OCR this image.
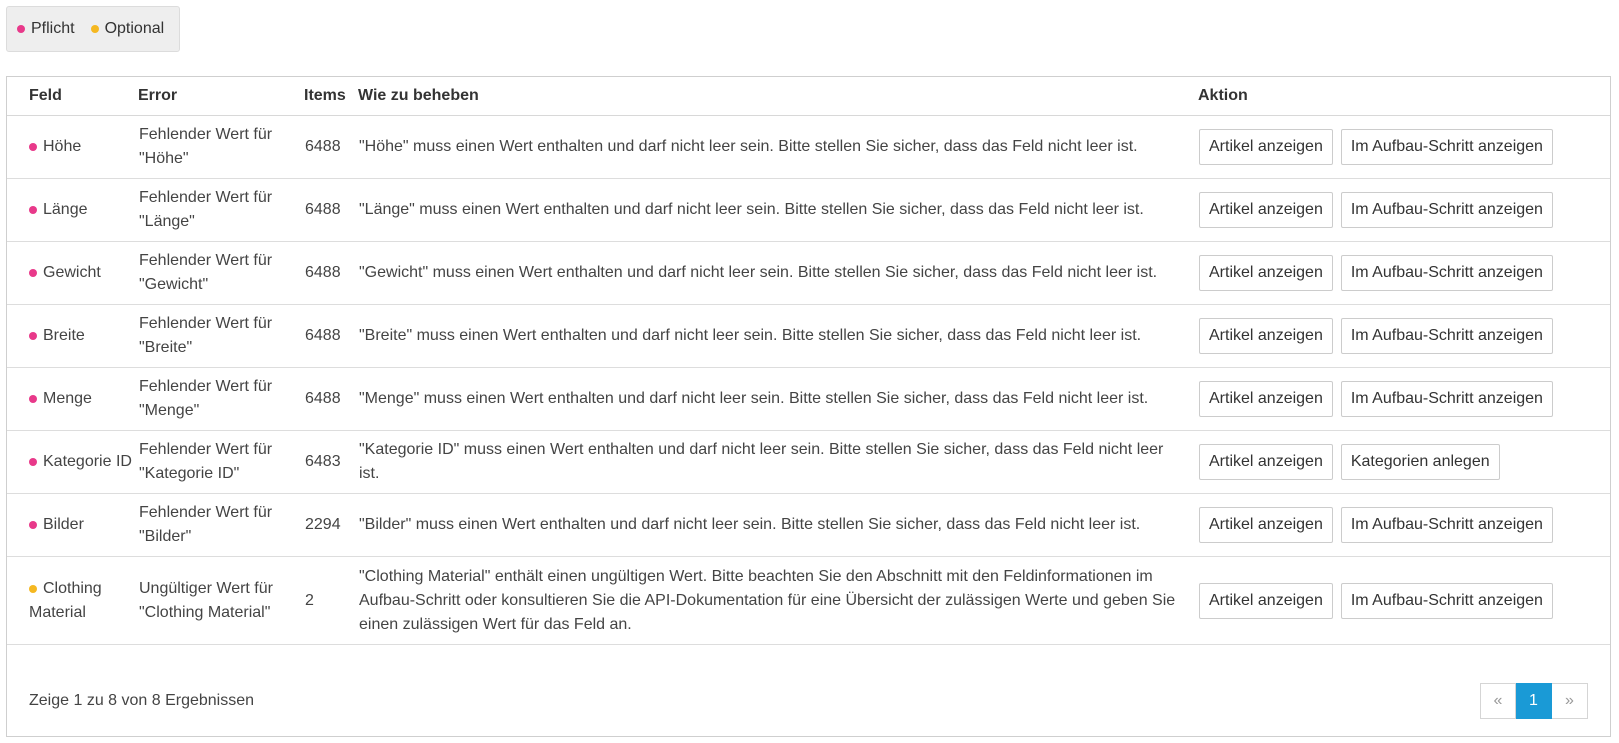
Pflicht Optional
Feld	Error	Items	Wie zu beheben	Aktion
Höhe	Fehlender Wert für "Höhe"	6488	"Höhe" muss einen Wert enthalten und darf nicht leer sein. Bitte stellen Sie sicher, dass das Feld nicht leer ist.	Artikel anzeigen Im Aufbau-Schritt anzeigen
Länge	Fehlender Wert für "Länge"	6488	"Länge" muss einen Wert enthalten und darf nicht leer sein. Bitte stellen Sie sicher, dass das Feld nicht leer ist.	Artikel anzeigen Im Aufbau-Schritt anzeigen
Gewicht	Fehlender Wert für "Gewicht"	6488	"Gewicht" muss einen Wert enthalten und darf nicht leer sein. Bitte stellen Sie sicher, dass das Feld nicht leer ist.	Artikel anzeigen Im Aufbau-Schritt anzeigen
Breite	Fehlender Wert für "Breite"	6488	"Breite" muss einen Wert enthalten und darf nicht leer sein. Bitte stellen Sie sicher, dass das Feld nicht leer ist.	Artikel anzeigen Im Aufbau-Schritt anzeigen
Menge	Fehlender Wert für "Menge"	6488	"Menge" muss einen Wert enthalten und darf nicht leer sein. Bitte stellen Sie sicher, dass das Feld nicht leer ist.	Artikel anzeigen Im Aufbau-Schritt anzeigen
Kategorie ID	Fehlender Wert für "Kategorie ID"	6483	"Kategorie ID" muss einen Wert enthalten und darf nicht leer sein. Bitte stellen Sie sicher, dass das Feld nicht leer ist.	Artikel anzeigen Kategorien anlegen
Bilder	Fehlender Wert für "Bilder"	2294	"Bilder" muss einen Wert enthalten und darf nicht leer sein. Bitte stellen Sie sicher, dass das Feld nicht leer ist.	Artikel anzeigen Im Aufbau-Schritt anzeigen
Clothing Material	Ungültiger Wert für "Clothing Material"	2	"Clothing Material" enthält einen ungültigen Wert. Bitte beachten Sie den Abschnitt mit den Feldinformationen im Aufbau-Schritt oder konsultieren Sie die API-Dokumentation für eine Übersicht der zulässigen Werte und geben Sie einen zulässigen Wert für das Feld an.	Artikel anzeigen Im Aufbau-Schritt anzeigen
Zeige 1 zu 8 von 8 Ergebnissen	«	1	»
